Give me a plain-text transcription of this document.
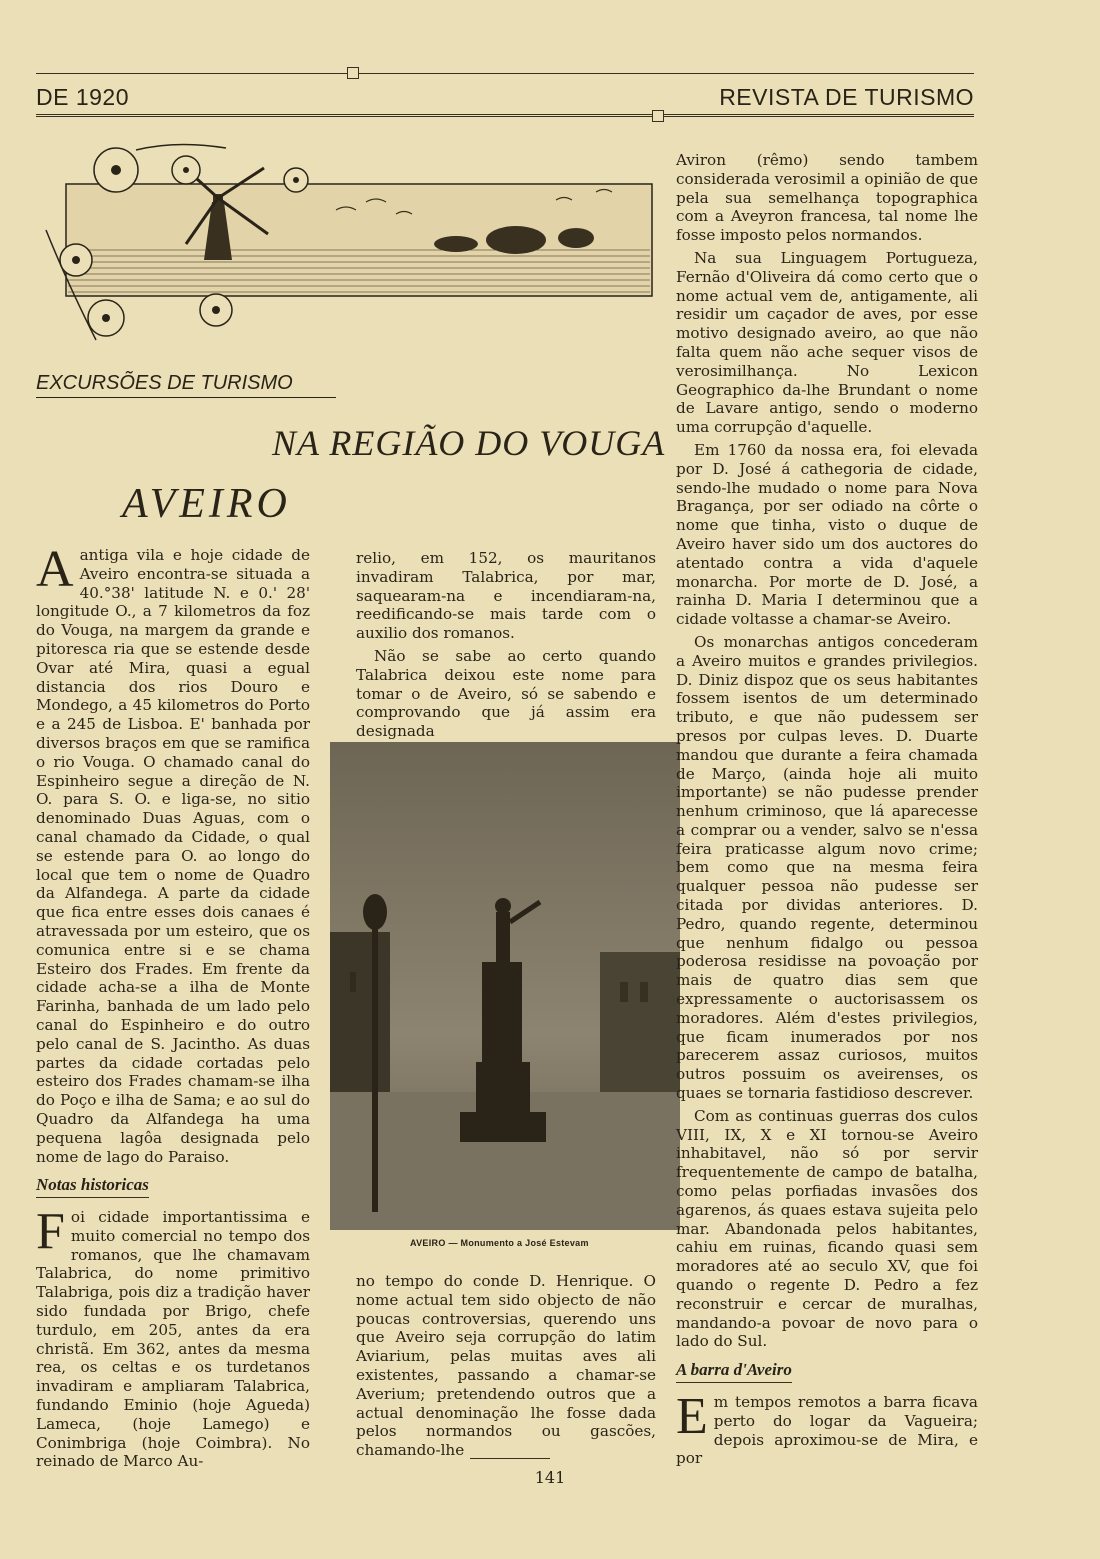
DE 1920	REVISTA DE TURISMO
EXCURSÕES DE TURISMO
NA REGIÃO DO VOUGA
AVEIRO

Aantiga vila e hoje cidade de Aveiro encontra-se situada a 40.°38' latitude N. e 0.' 28' longitude O., a 7 kilometros da foz do Vouga, na margem da grande e pitoresca ria que se estende desde Ovar até Mira, quasi a egual distancia dos rios Douro e Mondego, a 45 kilometros do Porto e a 245 de Lisboa. E' banhada por diversos braços em que se ramifica o rio Vouga. O chamado canal do Espinheiro segue a direção de N. O. para S. O. e liga-se, no sitio denominado Duas Aguas, com o canal chamado da Cidade, o qual se estende para O. ao longo do local que tem o nome de Quadro da Alfandega. A parte da cidade que fica entre esses dois canaes é atravessada por um esteiro, que os comunica entre si e se chama Esteiro dos Frades. Em frente da cidade acha-se a ilha de Monte Farinha, banhada de um lado pelo canal do Espinheiro e do outro pelo canal de S. Jacintho. As duas partes da cidade cortadas pelo esteiro dos Frades chamam-se ilha do Poço e ilha de Sama; e ao sul do Quadro da Alfandega ha uma pequena lagôa designada pelo nome de lago do Paraiso.

Notas historicas

Foi cidade importantissima e muito comercial no tempo dos romanos, que lhe chamavam Talabrica, do nome primitivo Talabriga, pois diz a tradição haver sido fundada por Brigo, chefe turdulo, em 205, antes da era christã. Em 362, antes da mesma rea, os celtas e os turdetanos invadiram e ampliaram Talabrica, fundando Eminio (hoje Agueda) Lameca, (hoje Lamego) e Conimbriga (hoje Coimbra). No reinado de Marco Au-

relio, em 152, os mauritanos invadiram Talabrica, por mar, saquearam-na e incendiaram-na, reedificando-se mais tarde com o auxilio dos romanos.

Não se sabe ao certo quando Talabrica deixou este nome para tomar o de Aveiro, só se sabendo e comprovando que já assim era designada

AVEIRO — Monumento a José Estevam

no tempo do conde D. Henrique. O nome actual tem sido objecto de não poucas controversias, querendo uns que Aveiro seja corrupção do latim Aviarium, pelas muitas aves ali existentes, passando a chamar-se Averium; pretendendo outros que a actual denominação lhe fosse dada pelos normandos ou gascões, chamando-lhe

Aviron (rêmo) sendo tambem considerada verosimil a opinião de que pela sua semelhança topographica com a Aveyron francesa, tal nome lhe fosse imposto pelos normandos.

Na sua Linguagem Portugueza, Fernão d'Oliveira dá como certo que o nome actual vem de, antigamente, ali residir um caçador de aves, por esse motivo designado aveiro, ao que não falta quem não ache sequer visos de verosimilhança. No Lexicon Geographico da-lhe Brundant o nome de Lavare antigo, sendo o moderno uma corrupção d'aquelle.

Em 1760 da nossa era, foi elevada por D. José á cathegoria de cidade, sendo-lhe mudado o nome para Nova Bragança, por ser odiado na côrte o nome que tinha, visto o duque de Aveiro haver sido um dos auctores do atentado contra a vida d'aquele monarcha. Por morte de D. José, a rainha D. Maria I determinou que a cidade voltasse a chamar-se Aveiro.

Os monarchas antigos concederam a Aveiro muitos e grandes privilegios. D. Diniz dispoz que os seus habitantes fossem isentos de um determinado tributo, e que não pudessem ser presos por culpas leves. D. Duarte mandou que durante a feira chamada de Março, (ainda hoje ali muito importante) se não pudesse prender nenhum criminoso, que lá aparecesse a comprar ou a vender, salvo se n'essa feira praticasse algum novo crime; bem como que na mesma feira qualquer pessoa não pudesse ser citada por dividas anteriores. D. Pedro, quando regente, determinou que nenhum fidalgo ou pessoa poderosa residisse na povoação por mais de quatro dias sem que expressamente o auctorisassem os moradores. Além d'estes privilegios, que ficam inumerados por nos parecerem assaz curiosos, muitos outros possuim os aveirenses, os quaes se tornaria fastidioso descrever.

Com as continuas guerras dos culos VIII, IX, X e XI tornou-se Aveiro inhabitavel, não só por servir frequentemente de campo de batalha, como pelas porfiadas invasões dos agarenos, ás quaes estava sujeita pelo mar. Abandonada pelos habitantes, cahiu em ruinas, ficando quasi sem moradores até ao seculo XV, que foi quando o regente D. Pedro a fez reconstruir e cercar de muralhas, mandando-a povoar de novo para o lado do Sul.

A barra d'Aveiro

Em tempos remotos a barra ficava perto do logar da Vagueira; depois aproximou-se de Mira, e por

141
